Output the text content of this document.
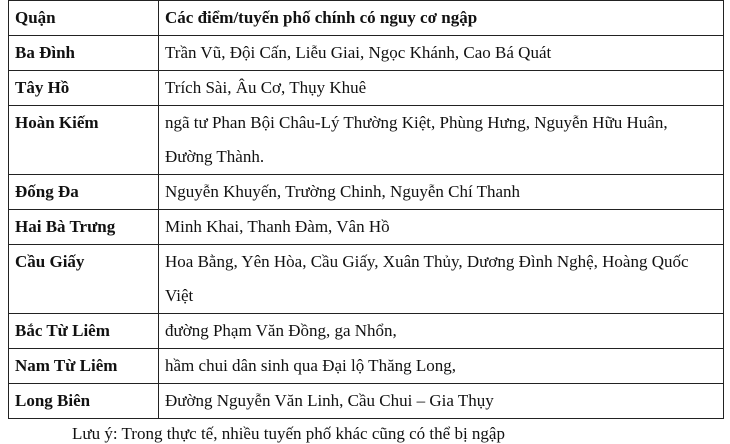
Quận	Các điểm/tuyến phố chính có nguy cơ ngập
Ba Đình	Trần Vũ, Đội Cấn, Liễu Giai, Ngọc Khánh, Cao Bá Quát
Tây Hồ	Trích Sài, Âu Cơ, Thụy Khuê
Hoàn Kiếm	ngã tư Phan Bội Châu-Lý Thường Kiệt, Phùng Hưng, Nguyễn Hữu Huân, Đường Thành.
Đống Đa	Nguyễn Khuyến, Trường Chinh, Nguyễn Chí Thanh
Hai Bà Trưng	Minh Khai, Thanh Đàm, Vân Hồ
Cầu Giấy	Hoa Bằng, Yên Hòa, Cầu Giấy, Xuân Thủy, Dương Đình Nghệ, Hoàng Quốc Việt
Bắc Từ Liêm	đường Phạm Văn Đồng, ga Nhổn,
Nam Từ Liêm	hầm chui dân sinh qua Đại lộ Thăng Long,
Long Biên	Đường Nguyễn Văn Linh, Cầu Chui – Gia Thụy
Lưu ý: Trong thực tế, nhiều tuyến phố khác cũng có thể bị ngập
